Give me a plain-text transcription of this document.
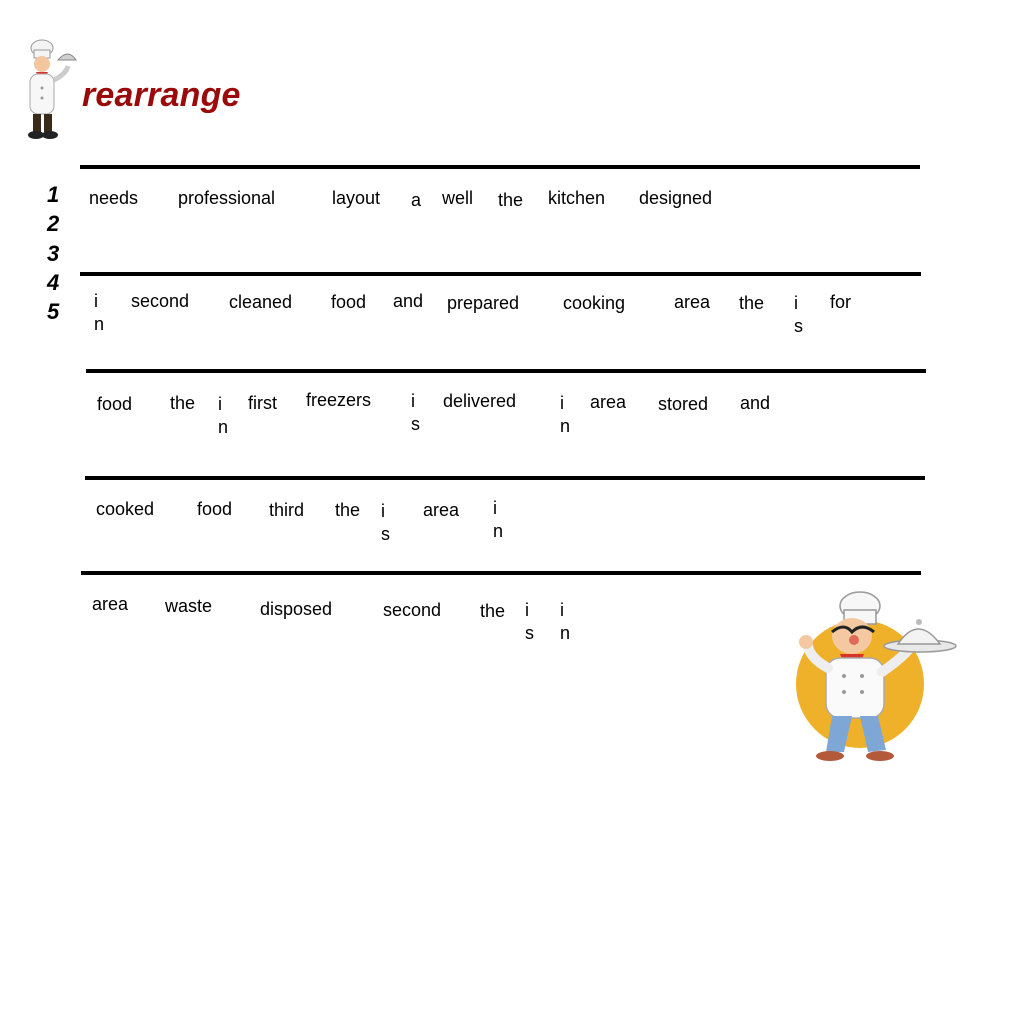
rearrange
1
2
3
4
5
needs professional	layout a well the kitchen designed
in
second cleaned food and prepared cooking	area the is
for
food the in
first freezers is
delivered in
area stored and
cooked food third the is
area in
area waste	disposed	second the is
in
